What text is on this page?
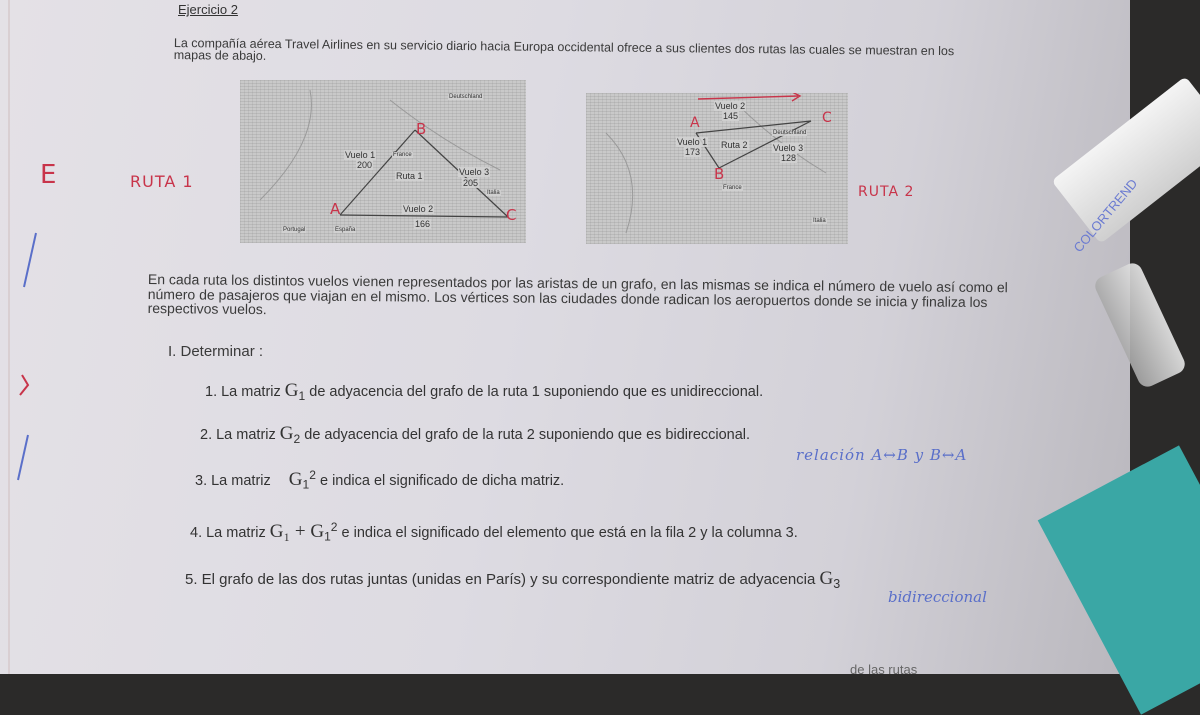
Ejercicio 2
La compañía aérea Travel Airlines en su servicio diario hacia Europa occidental ofrece a sus clientes dos rutas las cuales se muestran en los mapas de abajo.
E	RUTA 1
RUTA 2
Deutschland
Vuelo 1
200
France
Ruta 1	Vuelo 3
205
Italia
Vuelo 2
166
España
Portugal
A
B
C
Vuelo 2
145
Vuelo 1
173
Ruta 2
Deutschland
Vuelo 3
128
France
Italia
A
B
C
En cada ruta los distintos vuelos vienen representados por las aristas de un grafo, en las mismas se indica el número de vuelo así como el número de pasajeros que viajan en el mismo. Los vértices son las ciudades donde radican los aeropuertos donde se inicia y finaliza los respectivos vuelos.
I. Determinar :
1. La matriz $G_1$ de adyacencia del grafo de la ruta 1 suponiendo que es unidireccional.
2. La matriz $G_2$ de adyacencia del grafo de la ruta 2 suponiendo que es bidireccional.
relación A↔B y B↔A
3. La matriz $G_1^2$ e indica el significado de dicha matriz.
4. La matriz $G_1 + G_1^2$ e indica el significado del elemento que está en la fila 2 y la columna 3.
5. El grafo de las dos rutas juntas (unidas en París) y su correspondiente matriz de adyacencia $G_3$
bidireccional
de las rutas
COLORTREND
